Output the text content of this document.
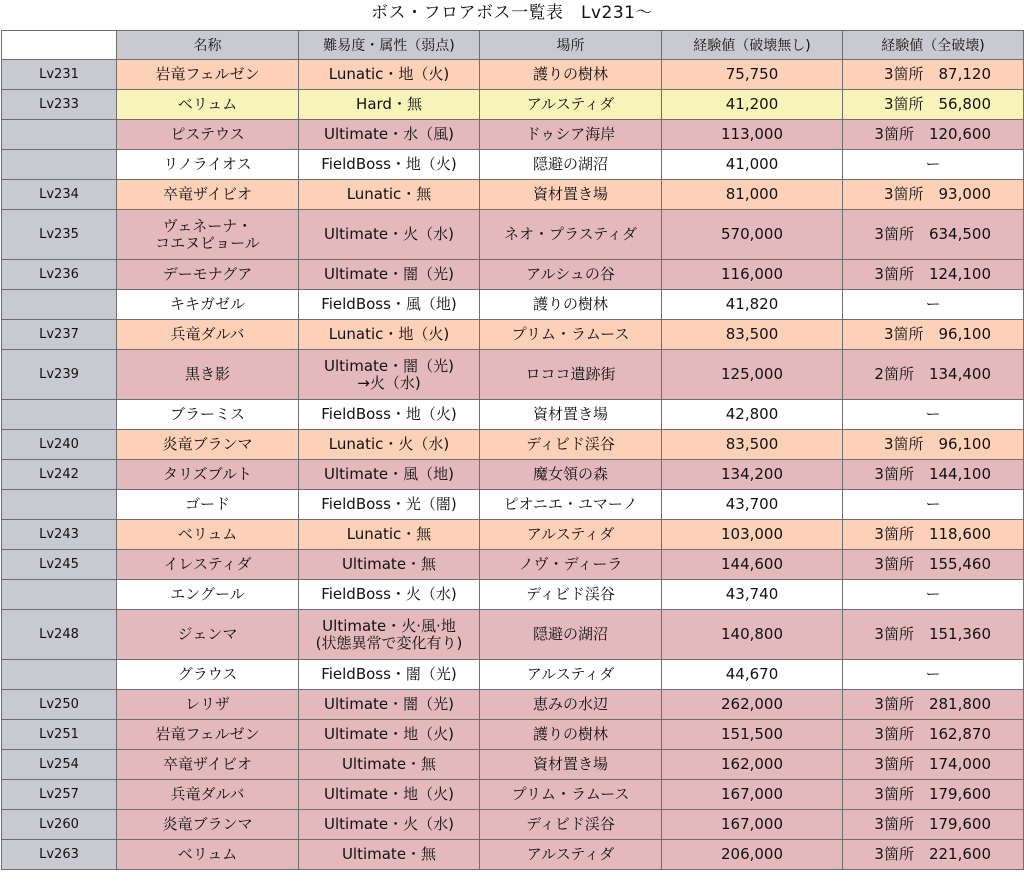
ボス・フロアボス一覧表　Lv231〜
	名称	難易度・属性（弱点)	場所	経験値（破壊無し)	経験値（全破壊)
Lv231	岩竜フェルゼン	Lunatic・地（火)	護りの樹林	75,750	3箇所　87,120
Lv233	ベリュム	Hard・無	アルスティダ	41,200	3箇所　56,800
	ピステウス	Ultimate・水（風)	ドゥシア海岸	113,000	3箇所　120,600
	リノライオス	FieldBoss・地（火)	隠避の湖沼	41,000	ー
Lv234	卒竜ザイビオ	Lunatic・無	資材置き場	81,000	3箇所　93,000
Lv235	ヴェネーナ・
コエヌビョール	Ultimate・火（水)	ネオ・プラスティダ	570,000	3箇所　634,500
Lv236	デーモナグア	Ultimate・闇（光)	アルシュの谷	116,000	3箇所　124,100
	キキガゼル	FieldBoss・風（地)	護りの樹林	41,820	ー
Lv237	兵竜ダルバ	Lunatic・地（火)	プリム・ラムース	83,500	3箇所　96,100
Lv239	黒き影	Ultimate・闇（光)
→火（水)	ロココ遺跡街	125,000	2箇所　134,400
	ブラーミス	FieldBoss・地（火)	資材置き場	42,800	ー
Lv240	炎竜ブランマ	Lunatic・火（水)	ディビド渓谷	83,500	3箇所　96,100
Lv242	タリズブルト	Ultimate・風（地)	魔女領の森	134,200	3箇所　144,100
	ゴード	FieldBoss・光（闇)	ピオニエ・ユマーノ	43,700	ー
Lv243	ベリュム	Lunatic・無	アルスティダ	103,000	3箇所　118,600
Lv245	イレスティダ	Ultimate・無	ノヴ・ディーラ	144,600	3箇所　155,460
	エングール	FieldBoss・火（水)	ディビド渓谷	43,740	ー
Lv248	ジェンマ	Ultimate・火·風·地
(状態異常で変化有り)	隠避の湖沼	140,800	3箇所　151,360
	グラウス	FieldBoss・闇（光)	アルスティダ	44,670	ー
Lv250	レリザ	Ultimate・闇（光)	恵みの水辺	262,000	3箇所　281,800
Lv251	岩竜フェルゼン	Ultimate・地（火)	護りの樹林	151,500	3箇所　162,870
Lv254	卒竜ザイビオ	Ultimate・無	資材置き場	162,000	3箇所　174,000
Lv257	兵竜ダルバ	Ultimate・地（火)	プリム・ラムース	167,000	3箇所　179,600
Lv260	炎竜ブランマ	Ultimate・火（水)	ディビド渓谷	167,000	3箇所　179,600
Lv263	ベリュム	Ultimate・無	アルスティダ	206,000	3箇所　221,600
